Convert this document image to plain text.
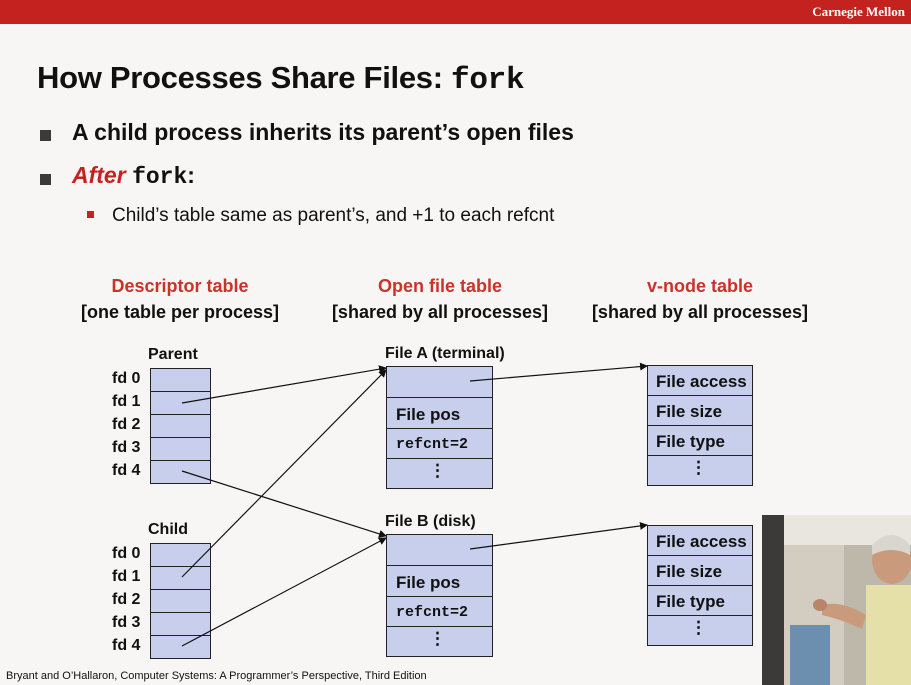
Carnegie Mellon
How Processes Share Files: fork
A child process inherits its parent’s open files
After fork:
Child’s table same as parent’s, and +1 to each refcnt
Descriptor table
[one table per process]
Open file table
[shared by all processes]
v-node table
[shared by all processes]
Parent
fd 0
fd 1
fd 2
fd 3
fd 4
Child
fd 0
fd 1
fd 2
fd 3
fd 4
File A (terminal)
File pos
refcnt=2
⋮
File B (disk)
File pos
refcnt=2
⋮
File access
File size
File type
⋮
File access
File size
File type
⋮
Bryant and O’Hallaron, Computer Systems: A Programmer’s Perspective, Third Edition
